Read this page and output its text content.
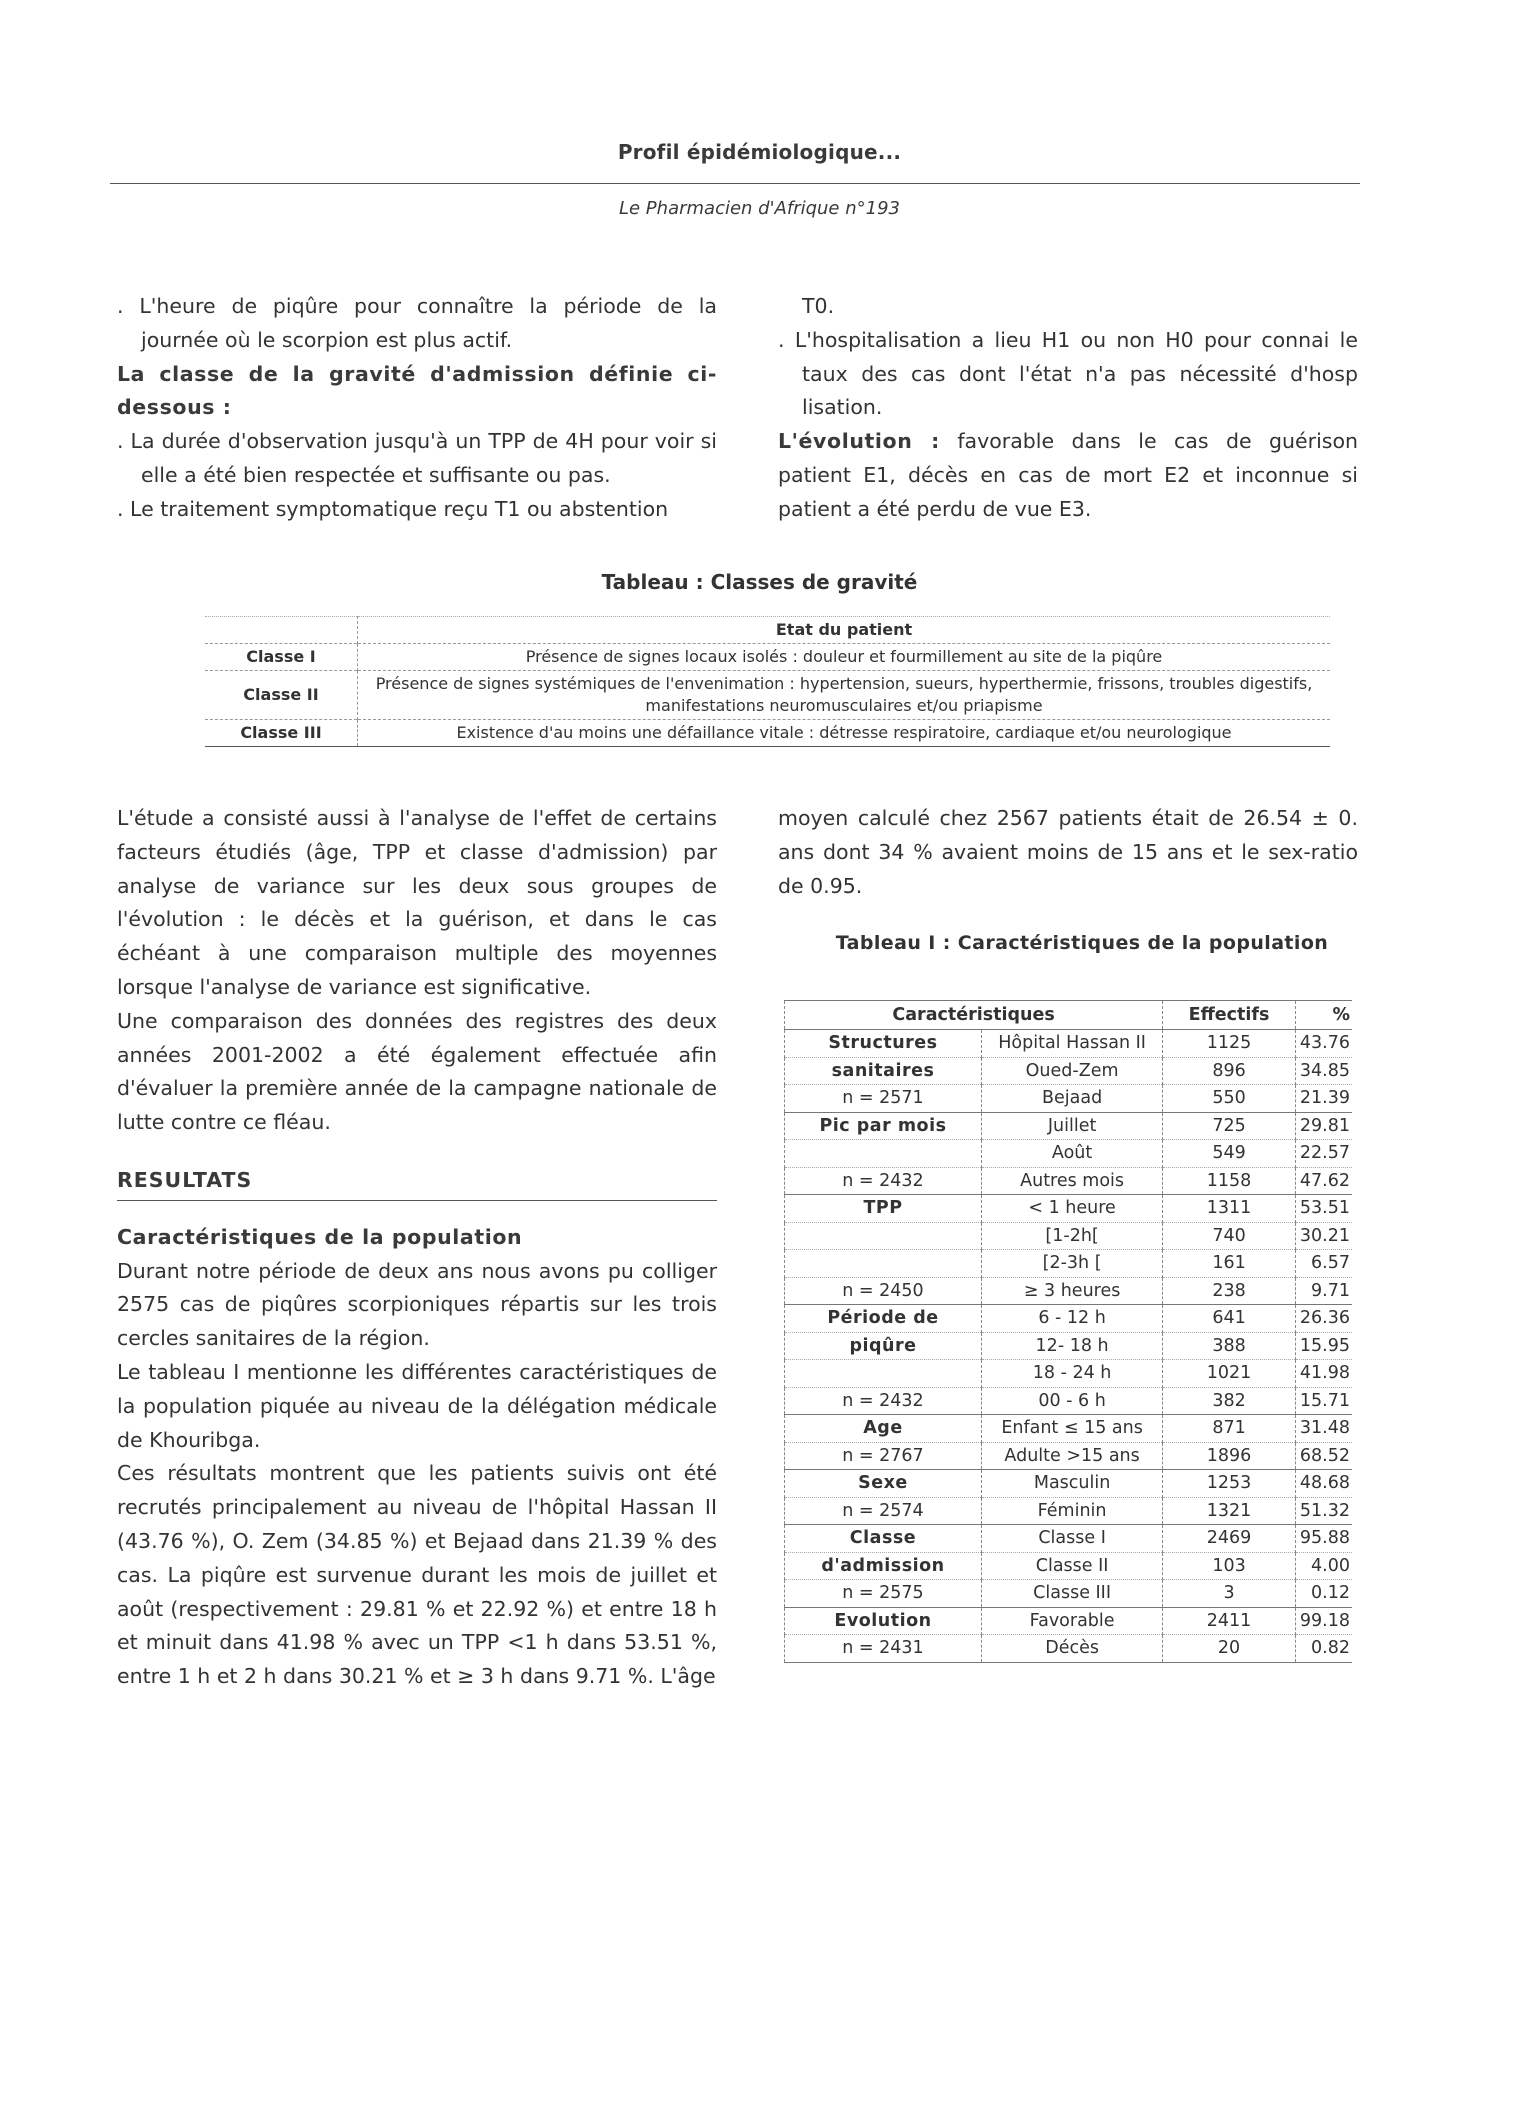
Profil épidémiologique...
Le Pharmacien d'Afrique n°193

. L'heure de piqûre pour connaître la période de la journée où le scorpion est plus actif.

La classe de la gravité d'admission définie ci-dessous :

. La durée d'observation jusqu'à un TPP de 4H pour voir si elle a été bien respectée et suffisante ou pas.

. Le traitement symptomatique reçu T1 ou abstention

T0.

. L'hospitalisation a lieu H1 ou non H0 pour connai le taux des cas dont l'état n'a pas nécessité d'hosp lisation.

L'évolution : favorable dans le cas de guérison patient E1, décès en cas de mort E2 et inconnue si patient a été perdu de vue E3.

Tableau : Classes de gravité
	Etat du patient
Classe I	Présence de signes locaux isolés : douleur et fourmillement au site de la piqûre
Classe II	Présence de signes systémiques de l'envenimation : hypertension, sueurs, hyperthermie, frissons, troubles digestifs, manifestations neuromusculaires et/ou priapisme
Classe III	Existence d'au moins une défaillance vitale : détresse respiratoire, cardiaque et/ou neurologique

L'étude a consisté aussi à l'analyse de l'effet de certains facteurs étudiés (âge, TPP et classe d'admission) par analyse de variance sur les deux sous groupes de l'évolution : le décès et la guérison, et dans le cas échéant à une comparaison multiple des moyennes lorsque l'analyse de variance est significative.

Une comparaison des données des registres des deux années 2001-2002 a été également effectuée afin d'évaluer la première année de la campagne nationale de lutte contre ce fléau.

RESULTATS
Caractéristiques de la population

Durant notre période de deux ans nous avons pu colliger 2575 cas de piqûres scorpioniques répartis sur les trois cercles sanitaires de la région.

Le tableau I mentionne les différentes caractéristiques de la population piquée au niveau de la délégation médicale de Khouribga.

Ces résultats montrent que les patients suivis ont été recrutés principalement au niveau de l'hôpital Hassan II (43.76 %), O. Zem (34.85 %) et Bejaad dans 21.39 % des cas. La piqûre est survenue durant les mois de juillet et août (respectivement : 29.81 % et 22.92 %) et entre 18 h et minuit dans 41.98 % avec un TPP <1 h dans 53.51 %, entre 1 h et 2 h dans 30.21 % et ≥ 3 h dans 9.71 %. L'âge

moyen calculé chez 2567 patients était de 26.54 ± 0. ans dont 34 % avaient moins de 15 ans et le sex-ratio de 0.95.

Tableau I : Caractéristiques de la population
Caractéristiques		Effectifs	%
Structures	Hôpital Hassan II	1125	43.76
sanitaires	Oued-Zem	896	34.85
n = 2571	Bejaad	550	21.39
Pic par mois	Juillet	725	29.81
	Août	549	22.57
n = 2432	Autres mois	1158	47.62
TPP	< 1 heure	1311	53.51
	[1-2h[	740	30.21
	[2-3h [	161	6.57
n = 2450	≥ 3 heures	238	9.71
Période de	6 - 12 h	641	26.36
piqûre	12- 18 h	388	15.95
	18 - 24 h	1021	41.98
n = 2432	00 - 6 h	382	15.71
Age	Enfant ≤ 15 ans	871	31.48
n = 2767	Adulte >15 ans	1896	68.52
Sexe	Masculin	1253	48.68
n = 2574	Féminin	1321	51.32
Classe	Classe I	2469	95.88
d'admission	Classe II	103	4.00
n = 2575	Classe III	3	0.12
Evolution	Favorable	2411	99.18
n = 2431	Décès	20	0.82
